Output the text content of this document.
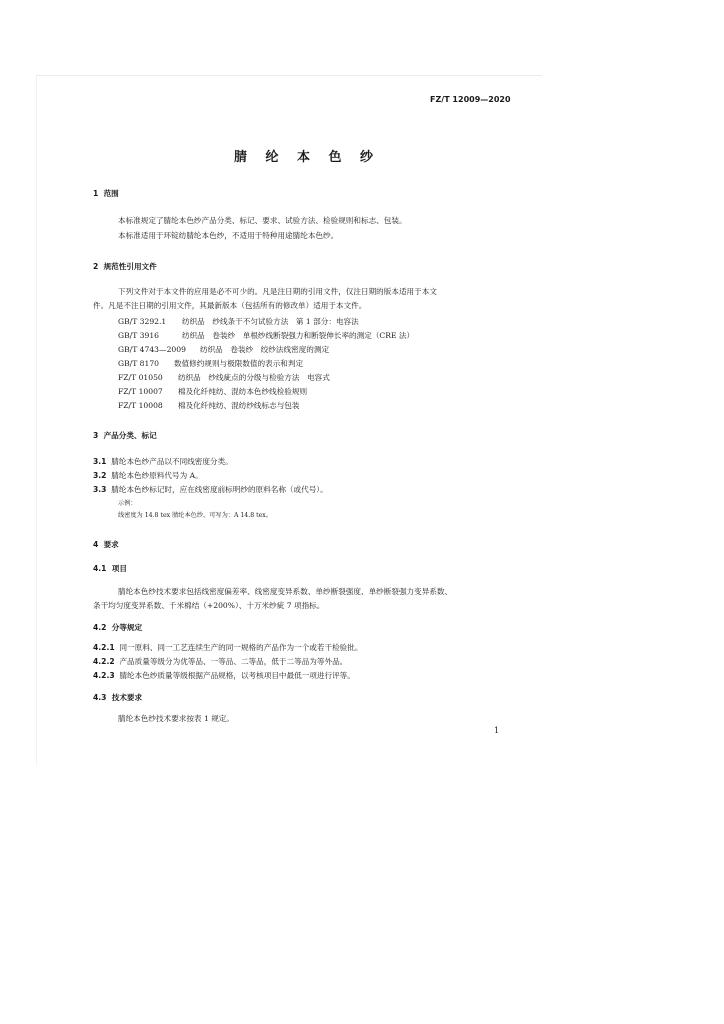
FZ/T 12009—2020
腈 纶 本 色 纱
1 范围
本标准规定了腈纶本色纱产品分类、标记、要求、试验方法、检验规则和标志、包装。
本标准适用于环锭纺腈纶本色纱，不适用于特种用途腈纶本色纱。
2 规范性引用文件
下列文件对于本文件的应用是必不可少的。凡是注日期的引用文件，仅注日期的版本适用于本文
件。凡是不注日期的引用文件，其最新版本（包括所有的修改单）适用于本文件。
GB/T 3292.1 纺织品　纱线条干不匀试验方法　第 1 部分：电容法
GB/T 3916	纺织品　卷装纱　单根纱线断裂强力和断裂伸长率的测定（CRE 法）
GB/T 4743—2009 纺织品　卷装纱　绞纱法线密度的测定
GB/T 8170 数值修约规则与极限数值的表示和判定
FZ/T 01050 纺织品　纱线疵点的分级与检验方法　电容式
FZ/T 10007 棉及化纤纯纺、混纺本色纱线检验规则
FZ/T 10008 棉及化纤纯纺、混纺纱线标志与包装
3 产品分类、标记
3.1 腈纶本色纱产品以不同线密度分类。
3.2 腈纶本色纱原料代号为 A。
3.3 腈纶本色纱标记时，应在线密度前标明纱的原料名称（或代号）。
示例：
线密度为 14.8 tex 腈纶本色纱，可写为：A 14.8 tex。
4 要求
4.1 项目
腈纶本色纱技术要求包括线密度偏差率、线密度变异系数、单纱断裂强度、单纱断裂强力变异系数、
条干均匀度变异系数、千米棉结（+200%）、十万米纱疵 7 项指标。
4.2 分等规定
4.2.1 同一原料、同一工艺连续生产的同一规格的产品作为一个或若干检验批。
4.2.2 产品质量等级分为优等品、一等品、二等品，低于二等品为等外品。
4.2.3 腈纶本色纱质量等级根据产品规格，以考核项目中最低一项进行评等。
4.3 技术要求
腈纶本色纱技术要求按表 1 规定。
1
